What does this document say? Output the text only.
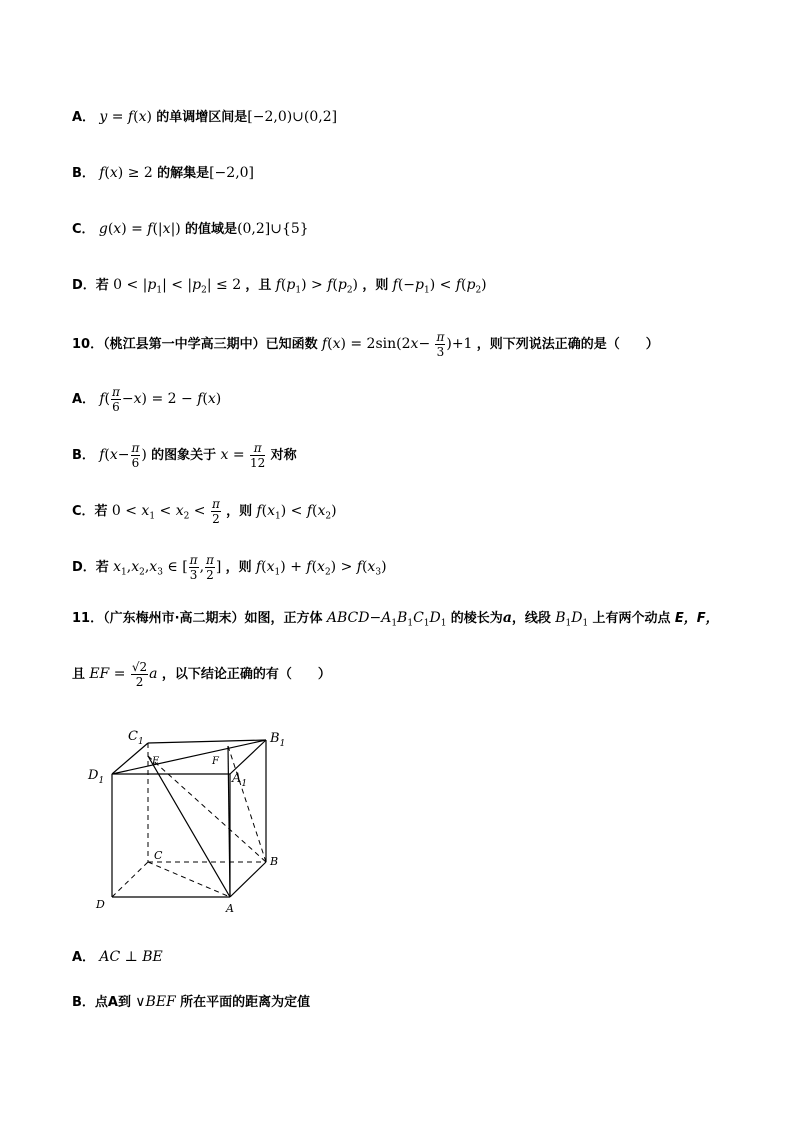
A． y = f(x) 的单调增区间是[−2,0)∪(0,2]
B． f(x) ≥ 2 的解集是[−2,0]
C． g(x) = f(|x|) 的值域是(0,2]∪{5}
D．若 $0 < |p_1| < |p_2| \le 2$ ，且 $f(p_1) > f(p_2)$ ，则 $f(-p_1) < f(p_2)$
10．（桃江县第一中学高三期中）已知函数 $f(x) = 2\sin(2x- \frac{\pi}{3} )+1$ ，则下列说法正确的是（　　）
A． $f( \frac{\pi}{6} -x) = 2 - f(x)$
B． $f(x- \frac{\pi}{6}$ ) 的图象关于 $x = \frac{\pi}{12}$ 对称
C．若 $0 < x_1 < x_2 < \frac{\pi}{2}$ ，则 $f(x_1) < f(x_2)$
D．若 $x_1,x_2,x_3$ ∈ [ $\frac{\pi}{3}$ , $\frac{\pi}{2}$ ] ，则 $f(x_1) + f(x_2) > f(x_3)$
11．（广东梅州市·高二期末）如图，正方体 $ABCD-A_1B_1C_1D_1$ 的棱长为a，线段 $B_1D_1$ 上有两个动点 E，F，
且 EF = $\frac{√2}{2}$ a ，以下结论正确的有（　　）
$C_1$	$B_1$
$D_1$	$A_1$
E	F
C	B
D	A
A． AC ⊥ BE
B．点A到 ∨BEF 所在平面的距离为定值
